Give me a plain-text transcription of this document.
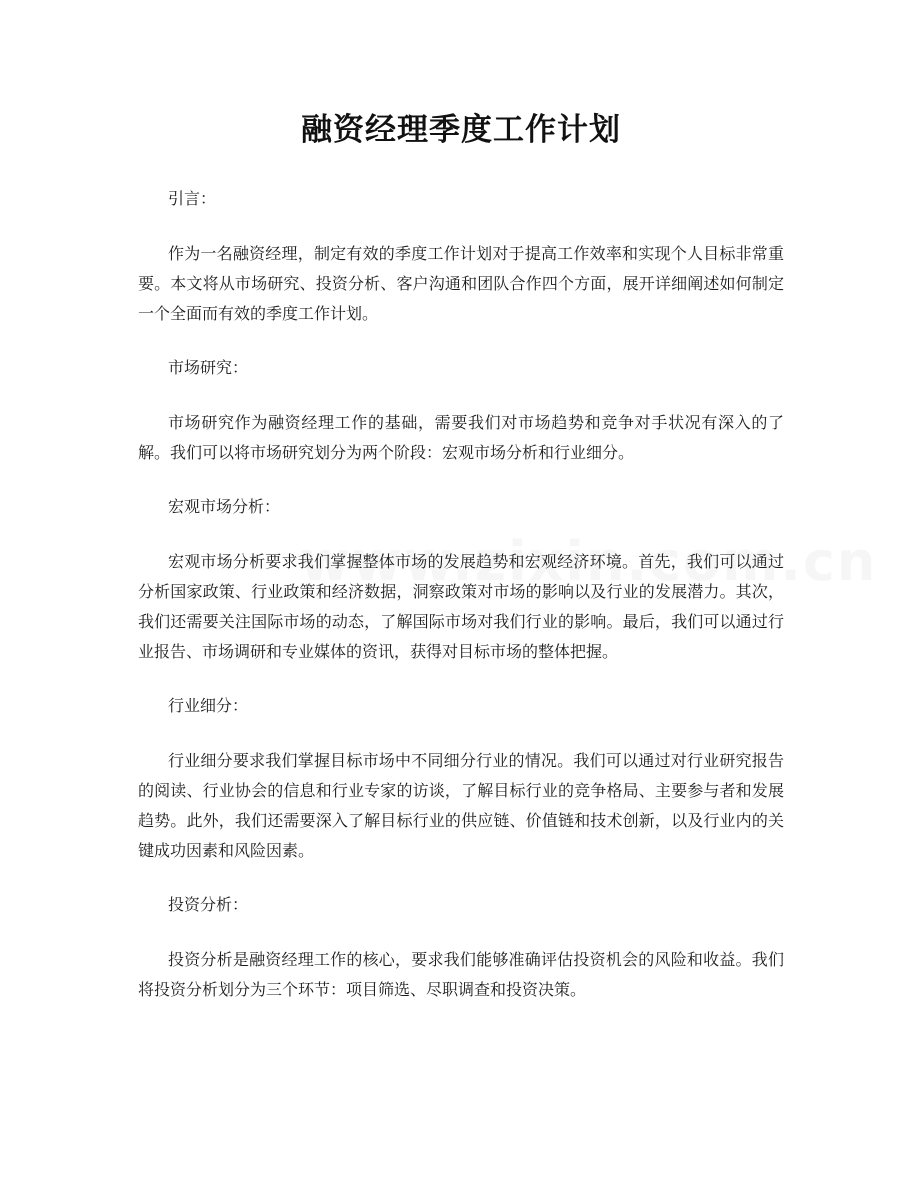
融资经理季度工作计划

引言：

作为一名融资经理，制定有效的季度工作计划对于提高工作效率和实现个人目标非常重要。本文将从市场研究、投资分析、客户沟通和团队合作四个方面，展开详细阐述如何制定一个全面而有效的季度工作计划。

市场研究：

市场研究作为融资经理工作的基础，需要我们对市场趋势和竞争对手状况有深入的了解。我们可以将市场研究划分为两个阶段：宏观市场分析和行业细分。

宏观市场分析：

宏观市场分析要求我们掌握整体市场的发展趋势和宏观经济环境。首先，我们可以通过分析国家政策、行业政策和经济数据，洞察政策对市场的影响以及行业的发展潜力。其次，我们还需要关注国际市场的动态，了解国际市场对我们行业的影响。最后，我们可以通过行业报告、市场调研和专业媒体的资讯，获得对目标市场的整体把握。

行业细分：

行业细分要求我们掌握目标市场中不同细分行业的情况。我们可以通过对行业研究报告的阅读、行业协会的信息和行业专家的访谈，了解目标行业的竞争格局、主要参与者和发展趋势。此外，我们还需要深入了解目标行业的供应链、价值链和技术创新，以及行业内的关键成功因素和风险因素。

投资分析：

投资分析是融资经理工作的核心，要求我们能够准确评估投资机会的风险和收益。我们将投资分析划分为三个环节：项目筛选、尽职调查和投资决策。
